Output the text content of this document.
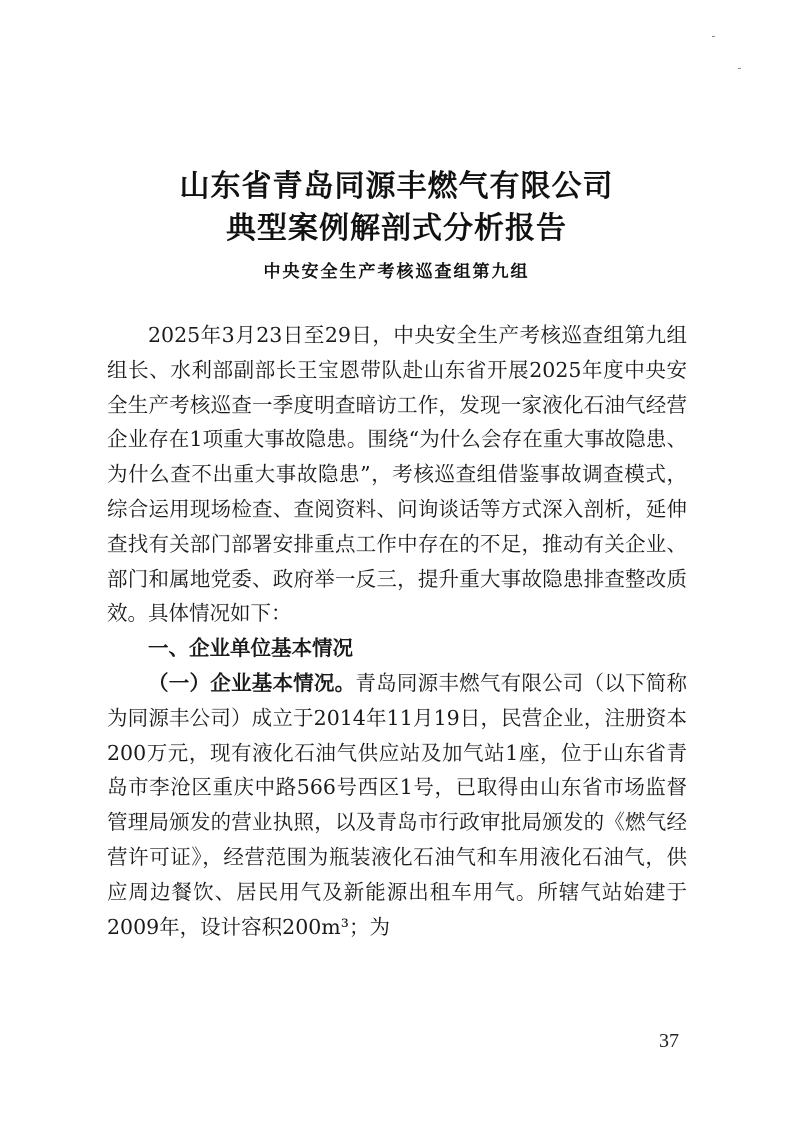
山东省青岛同源丰燃气有限公司
典型案例解剖式分析报告
中央安全生产考核巡查组第九组

2025年3月23日至29日，中央安全生产考核巡查组第九组组长、水利部副部长王宝恩带队赴山东省开展2025年度中央安全生产考核巡查一季度明查暗访工作，发现一家液化石油气经营企业存在1项重大事故隐患。围绕“为什么会存在重大事故隐患、为什么查不出重大事故隐患”，考核巡查组借鉴事故调查模式，综合运用现场检查、查阅资料、问询谈话等方式深入剖析，延伸查找有关部门部署安排重点工作中存在的不足，推动有关企业、部门和属地党委、政府举一反三，提升重大事故隐患排查整改质效。具体情况如下：

一、企业单位基本情况

（一）企业基本情况。青岛同源丰燃气有限公司（以下简称为同源丰公司）成立于2014年11月19日，民营企业，注册资本200万元，现有液化石油气供应站及加气站1座，位于山东省青岛市李沧区重庆中路566号西区1号，已取得由山东省市场监督管理局颁发的营业执照，以及青岛市行政审批局颁发的《燃气经营许可证》，经营范围为瓶装液化石油气和车用液化石油气，供应周边餐饮、居民用气及新能源出租车用气。所辖气站始建于2009年，设计容积200m³；为

37
